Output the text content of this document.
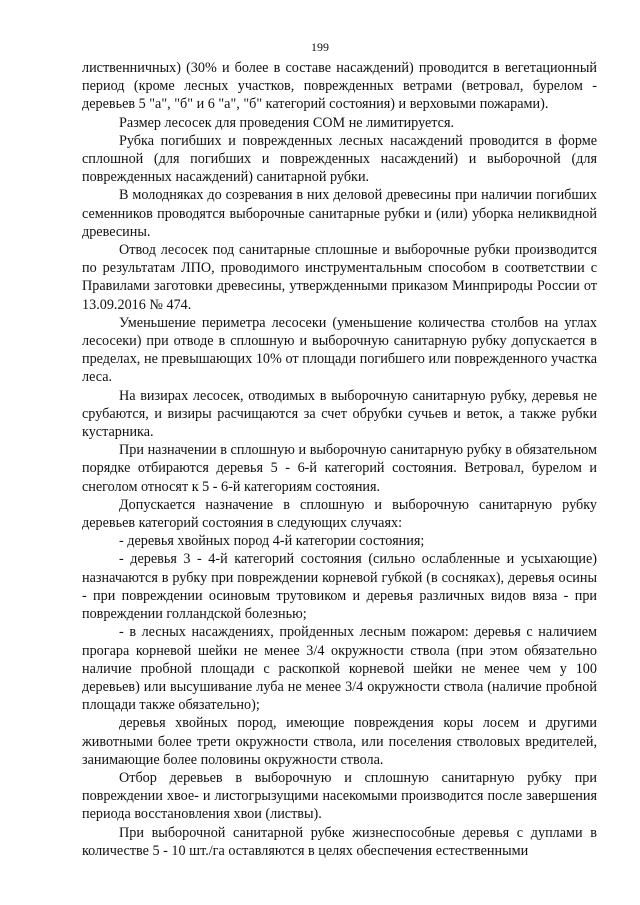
199

лиственничных) (30% и более в составе насаждений) проводится в вегетационный период (кроме лесных участков, поврежденных ветрами (ветровал, бурелом - деревьев 5 "а", "б" и 6 "а", "б" категорий состояния) и верховыми пожарами).

Размер лесосек для проведения СОМ не лимитируется.

Рубка погибших и поврежденных лесных насаждений проводится в форме сплошной (для погибших и поврежденных насаждений) и выборочной (для поврежденных насаждений) санитарной рубки.

В молодняках до созревания в них деловой древесины при наличии погибших семенников проводятся выборочные санитарные рубки и (или) уборка неликвидной древесины.

Отвод лесосек под санитарные сплошные и выборочные рубки производится по результатам ЛПО, проводимого инструментальным способом в соответствии с Правилами заготовки древесины, утвержденными приказом Минприроды России от 13.09.2016 № 474.

Уменьшение периметра лесосеки (уменьшение количества столбов на углах лесосеки) при отводе в сплошную и выборочную санитарную рубку допускается в пределах, не превышающих 10% от площади погибшего или поврежденного участка леса.

На визирах лесосек, отводимых в выборочную санитарную рубку, деревья не срубаются, и визиры расчищаются за счет обрубки сучьев и веток, а также рубки кустарника.

При назначении в сплошную и выборочную санитарную рубку в обязательном порядке отбираются деревья 5 - 6-й категорий состояния. Ветровал, бурелом и снеголом относят к 5 - 6-й категориям состояния.

Допускается назначение в сплошную и выборочную санитарную рубку деревьев категорий состояния в следующих случаях:

- деревья хвойных пород 4-й категории состояния;

- деревья 3 - 4-й категорий состояния (сильно ослабленные и усыхающие) назначаются в рубку при повреждении корневой губкой (в сосняках), деревья осины - при повреждении осиновым трутовиком и деревья различных видов вяза - при повреждении голландской болезнью;

- в лесных насаждениях, пройденных лесным пожаром: деревья с наличием прогара корневой шейки не менее 3/4 окружности ствола (при этом обязательно наличие пробной площади с раскопкой корневой шейки не менее чем у 100 деревьев) или высушивание луба не менее 3/4 окружности ствола (наличие пробной площади также обязательно);

деревья хвойных пород, имеющие повреждения коры лосем и другими животными более трети окружности ствола, или поселения стволовых вредителей, занимающие более половины окружности ствола.

Отбор деревьев в выборочную и сплошную санитарную рубку при повреждении хвое- и листогрызущими насекомыми производится после завершения периода восстановления хвои (листвы).

При выборочной санитарной рубке жизнеспособные деревья с дуплами в количестве 5 - 10 шт./га оставляются в целях обеспечения естественными
